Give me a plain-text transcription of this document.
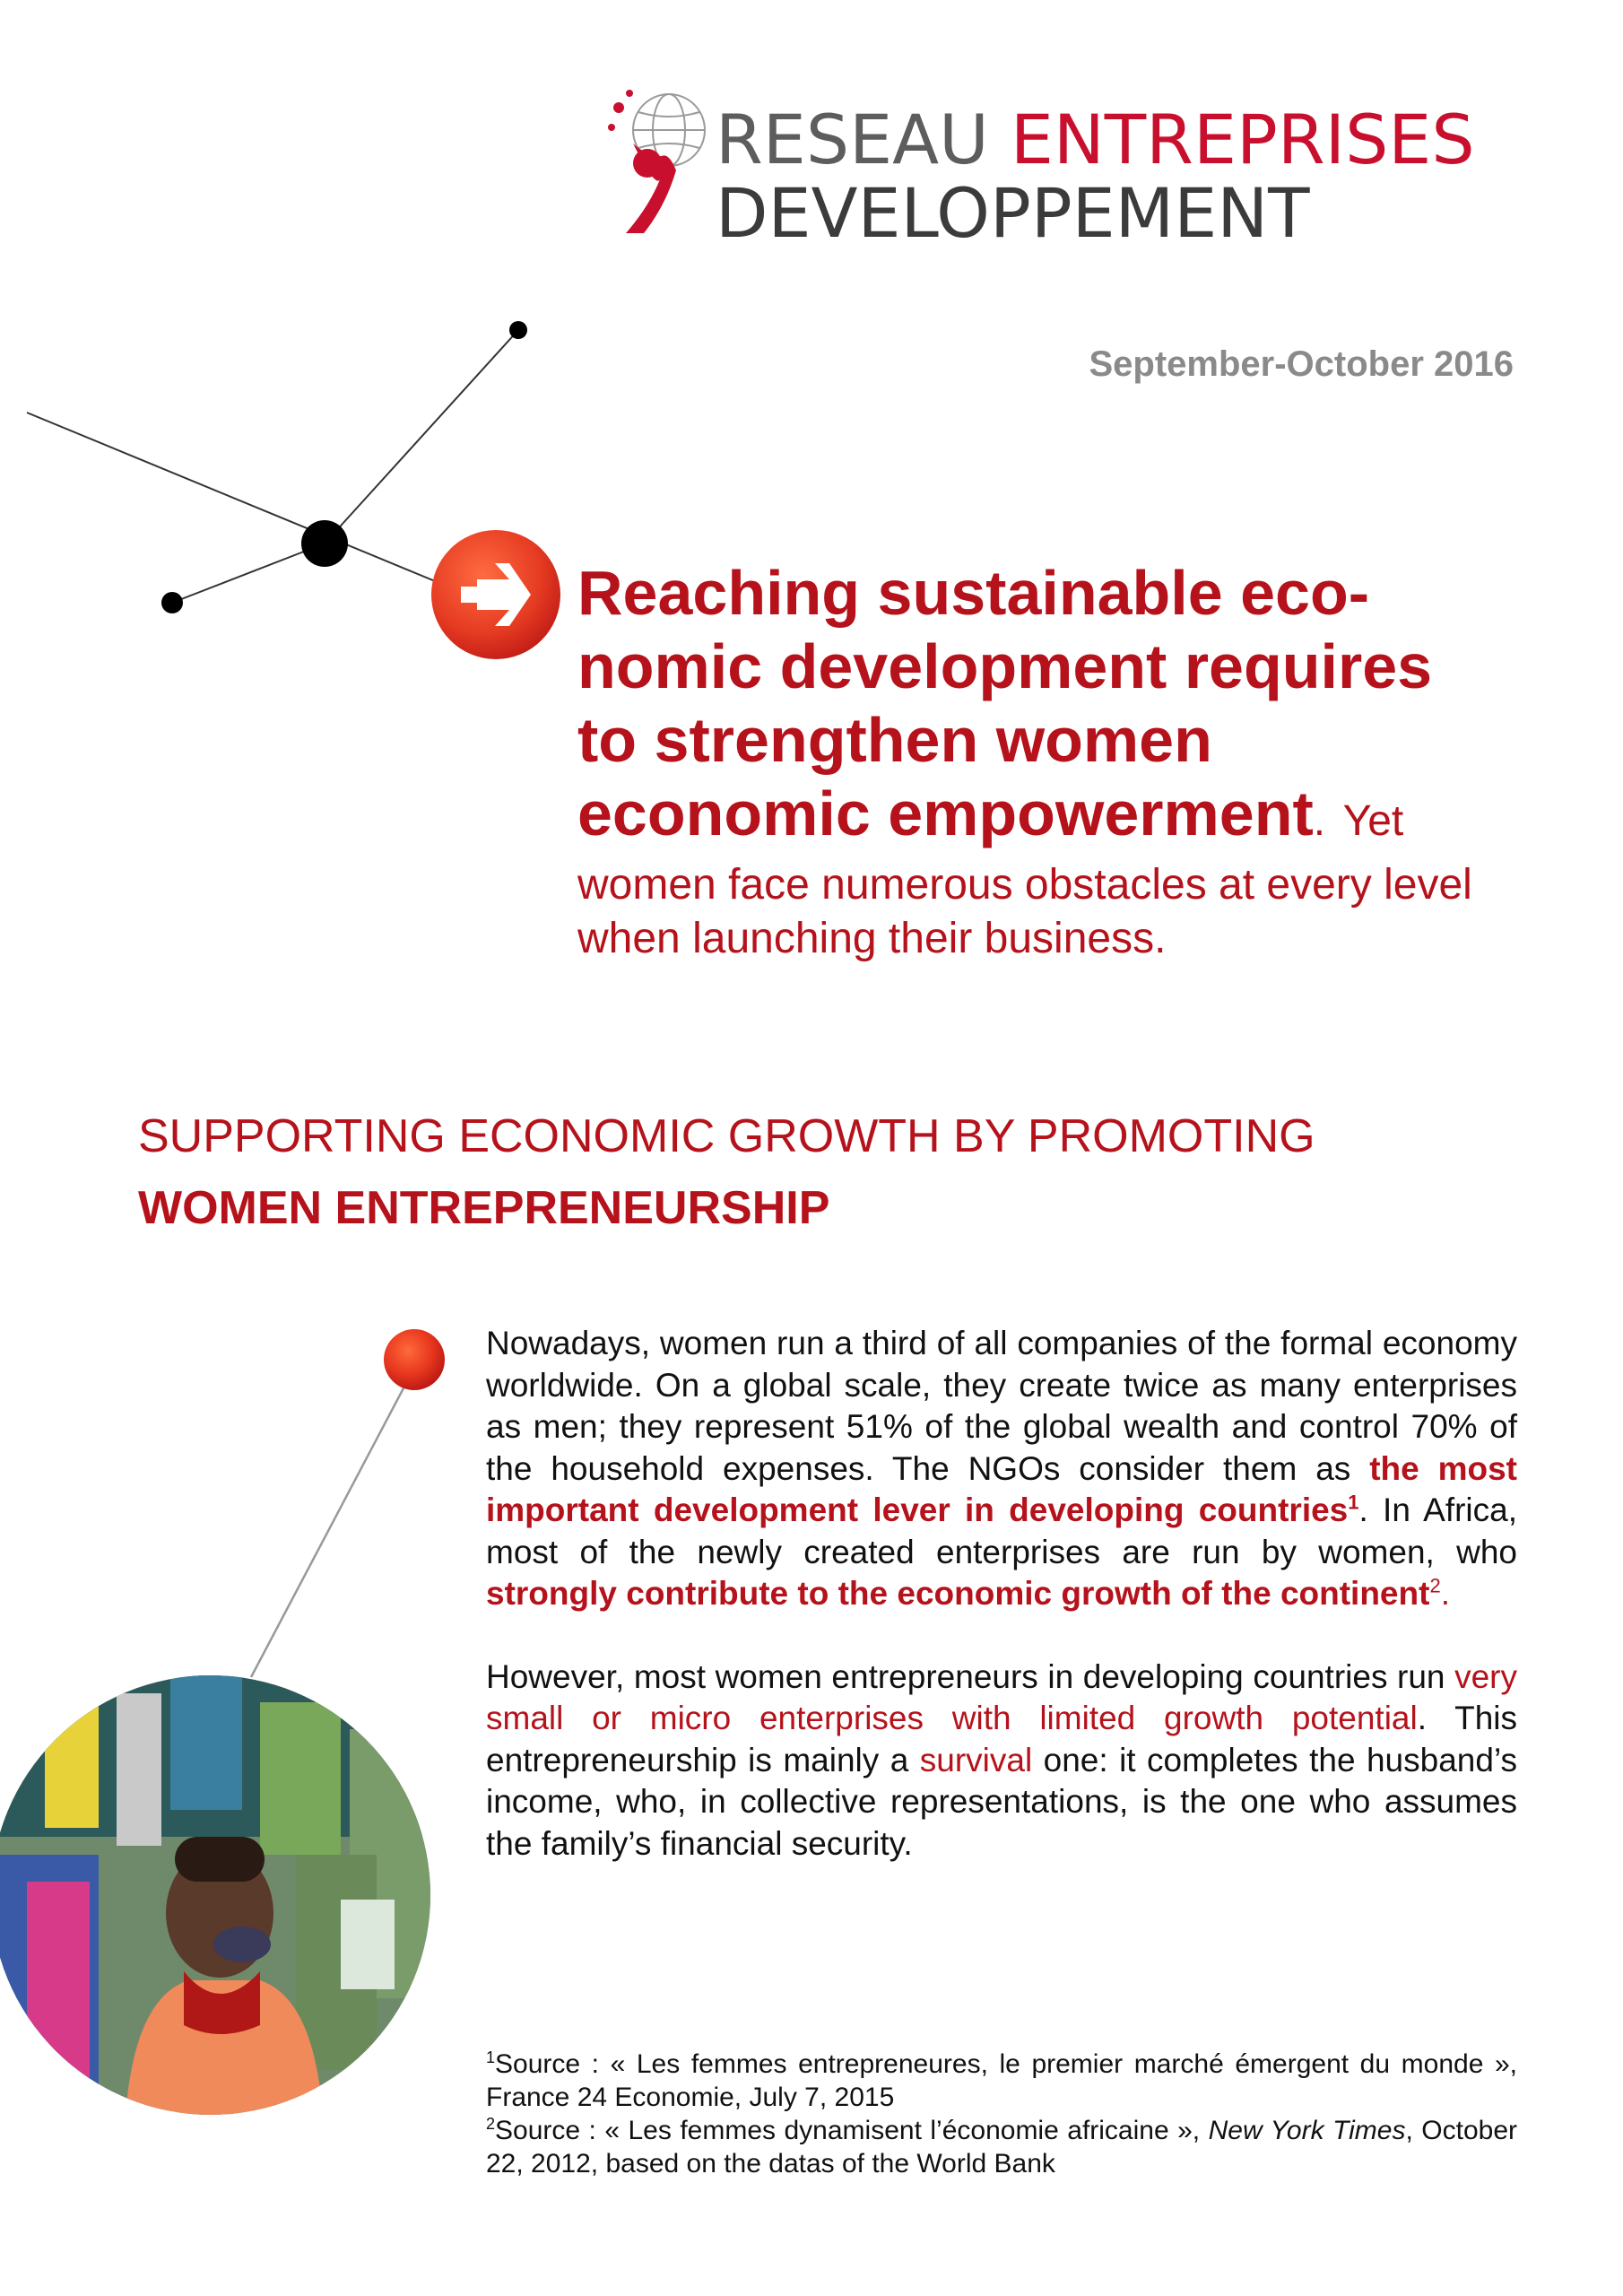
RESEAU ENTREPRISES
DEVELOPPEMENT
September-October 2016
Reaching sustainable eco-
nomic development requires
to strengthen women
economic empowerment. Yet
women face numerous obstacles at every level when launching their business.
SUPPORTING ECONOMIC GROWTH BY PROMOTING
WOMEN ENTREPRENEURSHIP

Nowadays, women run a third of all companies of the formal economy worldwide. On a global scale, they create twice as many enterprises as men; they represent 51% of the global wealth and control 70% of the household expenses. The NGOs consider them as the most important development lever in developing countries$^1$. In Africa, most of the newly created enterprises are run by women, who strongly contribute to the economic growth of the continent$^2$.

However, most women entrepreneurs in developing countries run very small or micro enterprises with limited growth potential. This entrepreneurship is mainly a survival one: it completes the husband’s income, who, in collective representations, is the one who assumes the family’s financial security.

$^1$Source : « Les femmes entrepreneures, le premier marché émergent du monde », France 24 Economie, July 7, 2015

$^2$Source : « Les femmes dynamisent l’économie africaine », New York Times, October 22, 2012, based on the datas of the World Bank
